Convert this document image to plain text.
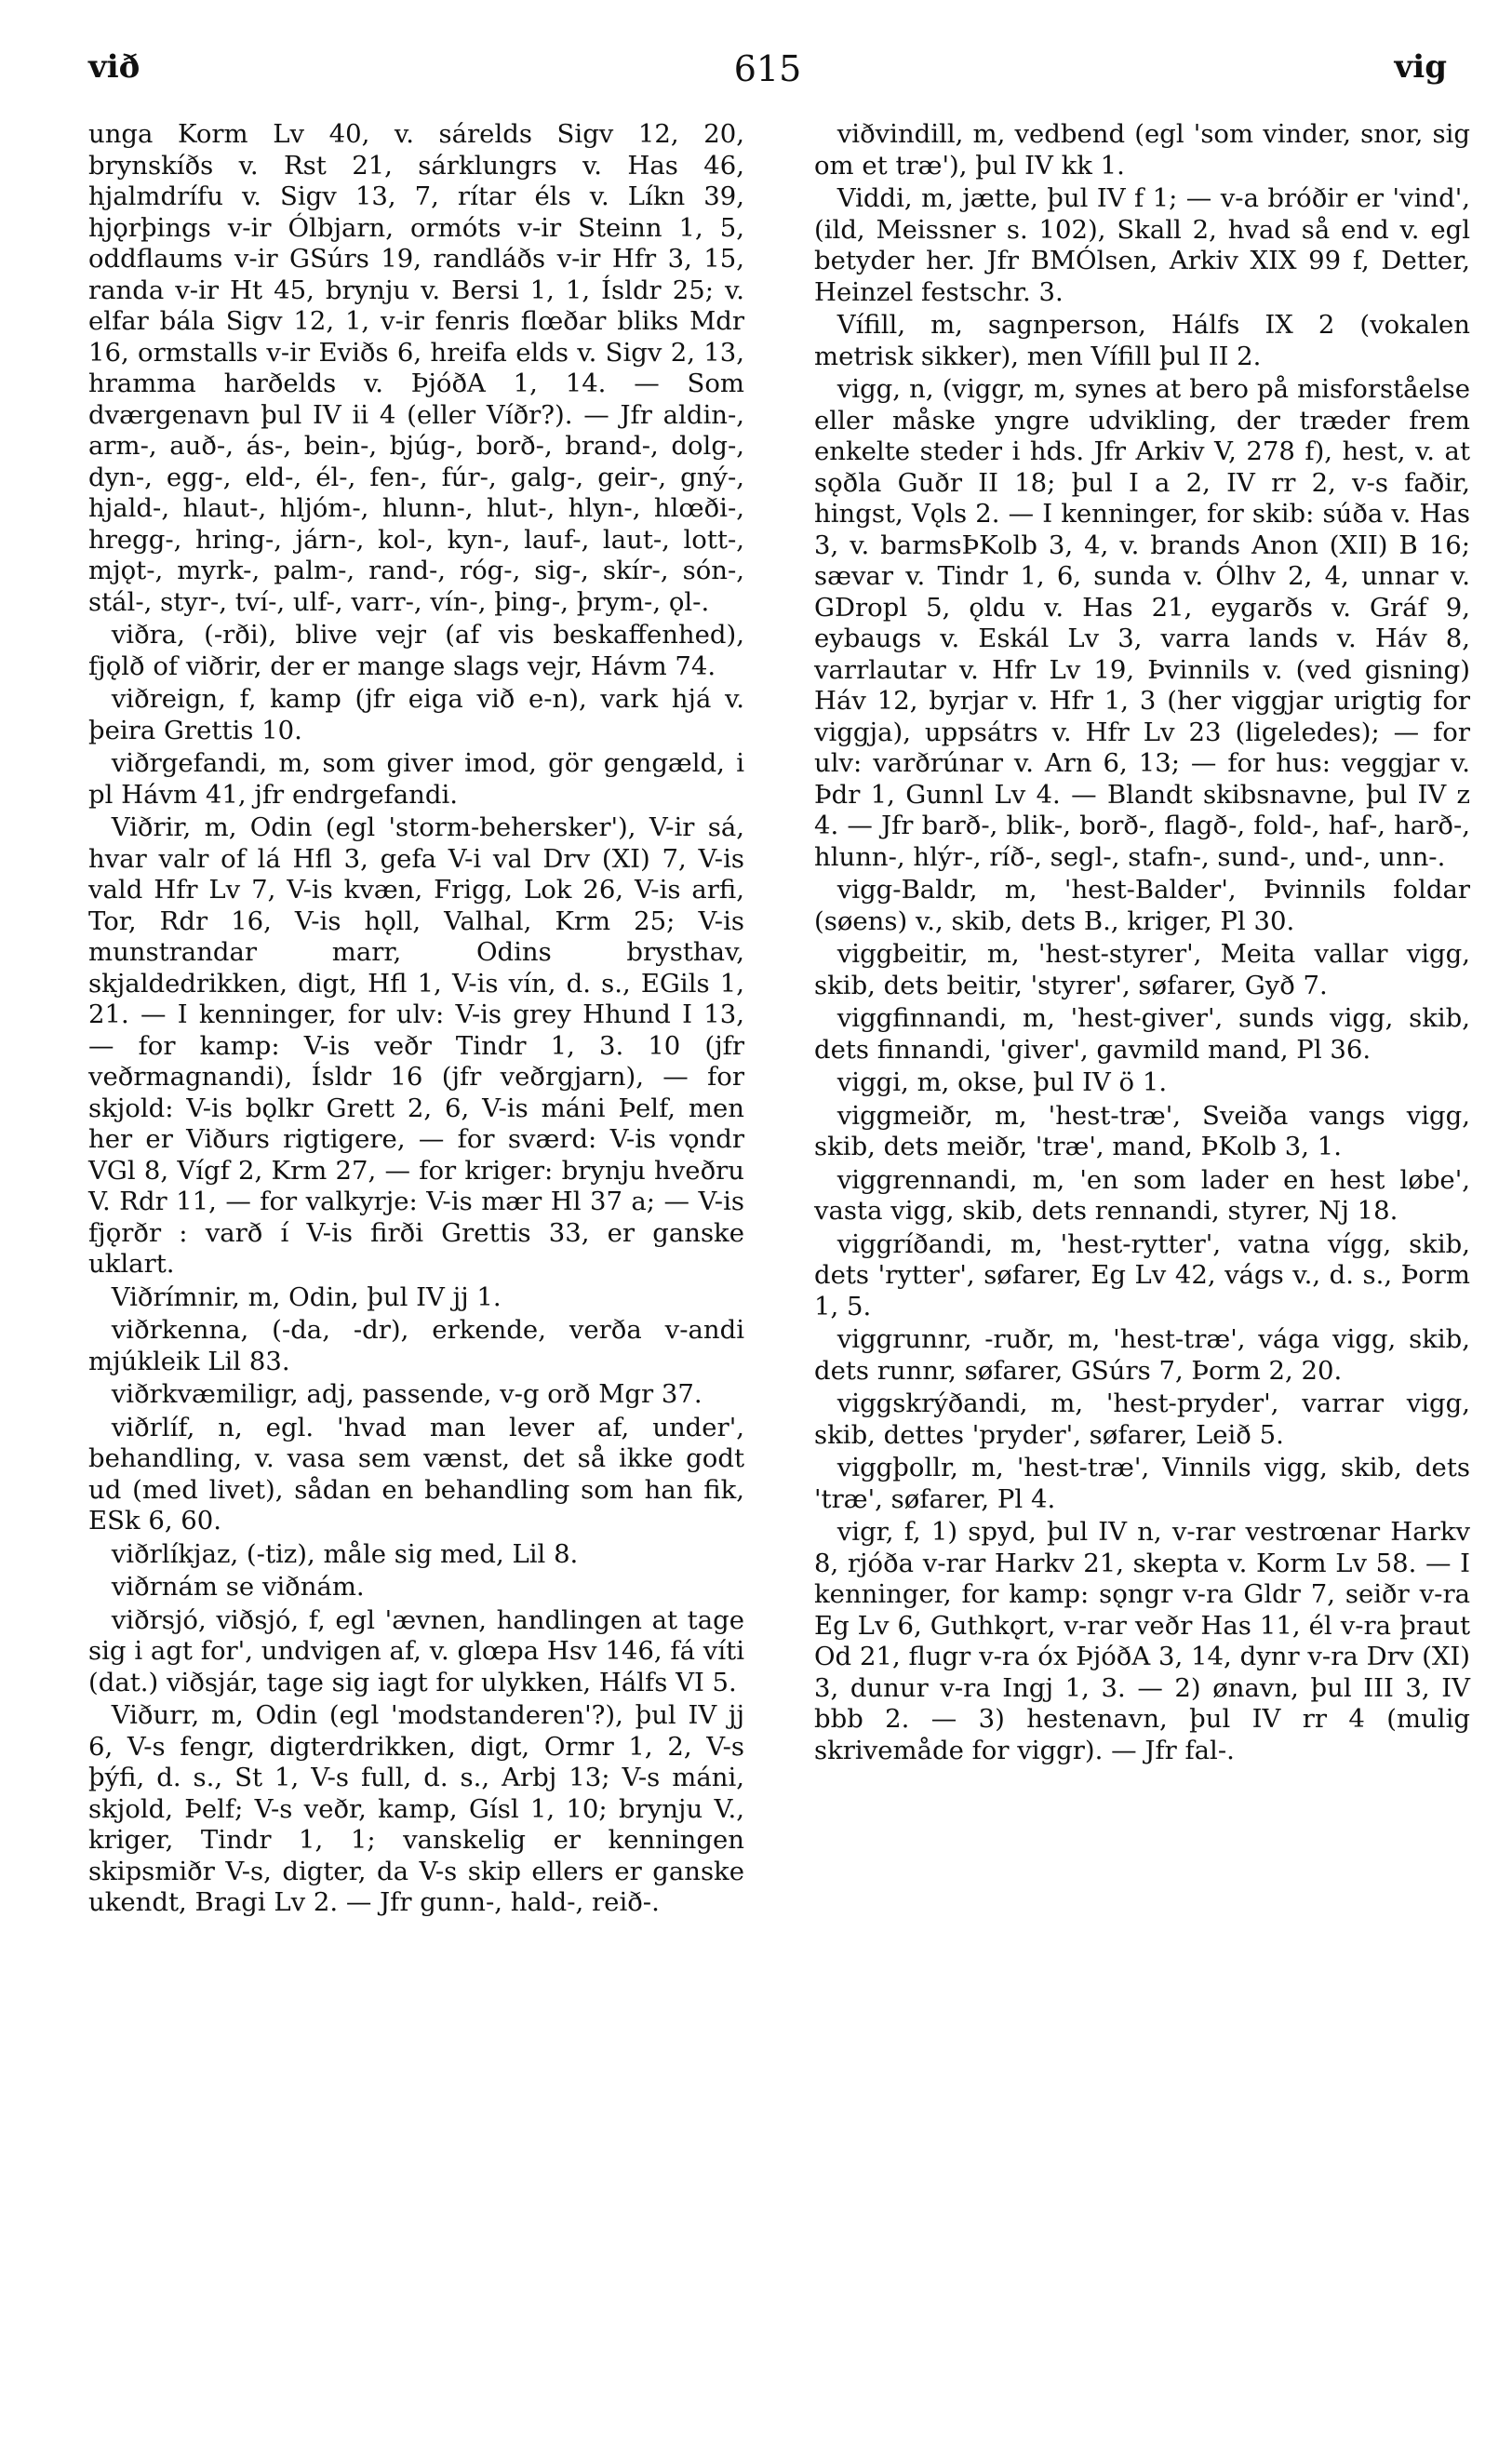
við	615	vig

unga Korm Lv 40, v. sárelds Sigv 12, 20, brynskíðs v. Rst 21, sárklungrs v. Has 46, hjalmdrífu v. Sigv 13, 7, rítar éls v. Líkn 39, hjǫrþings v-ir Ólbjarn, ormóts v-ir Steinn 1, 5, oddflaums v-ir GSúrs 19, randláðs v-ir Hfr 3, 15, randa v-ir Ht 45, brynju v. Bersi 1, 1, Ísldr 25; v. elfar bála Sigv 12, 1, v-ir fenris flœðar bliks Mdr 16, ormstalls v-ir Eviðs 6, hreifa elds v. Sigv 2, 13, hramma harðelds v. ÞjóðA 1, 14. — Som dværgenavn þul IV ii 4 (eller Víðr?). — Jfr aldin-, arm-, auð-, ás-, bein-, bjúg-, borð-, brand-, dolg-, dyn-, egg-, eld-, él-, fen-, fúr-, galg-, geir-, gný-, hjald-, hlaut-, hljóm-, hlunn-, hlut-, hlyn-, hlœði-, hregg-, hring-, járn-, kol-, kyn-, lauf-, laut-, lott-, mjǫt-, myrk-, palm-, rand-, róg-, sig-, skír-, són-, stál-, styr-, tví-, ulf-, varr-, vín-, þing-, þrym-, ǫl-.

viðra, (-rði), blive vejr (af vis beskaffenhed), fjǫlð of viðrir, der er mange slags vejr, Hávm 74.

viðreign, f, kamp (jfr eiga við e-n), vark hjá v. þeira Grettis 10.

viðrgefandi, m, som giver imod, gör gengæld, i pl Hávm 41, jfr endrgefandi.

Viðrir, m, Odin (egl 'storm-behersker'), V-ir sá, hvar valr of lá Hfl 3, gefa V-i val Drv (XI) 7, V-is vald Hfr Lv 7, V-is kvæn, Frigg, Lok 26, V-is arfi, Tor, Rdr 16, V-is hǫll, Valhal, Krm 25; V-is munstrandar marr, Odins brysthav, skjaldedrikken, digt, Hfl 1, V-is vín, d. s., EGils 1, 21. — I kenninger, for ulv: V-is grey Hhund I 13, — for kamp: V-is veðr Tindr 1, 3. 10 (jfr veðrmagnandi), Ísldr 16 (jfr veðrgjarn), — for skjold: V-is bǫlkr Grett 2, 6, V-is máni Þelf, men her er Viðurs rigtigere, — for sværd: V-is vǫndr VGl 8, Vígf 2, Krm 27, — for kriger: brynju hveðru V. Rdr 11, — for valkyrje: V-is mær Hl 37 a; — V-is fjǫrðr : varð í V-is firði Grettis 33, er ganske uklart.

Viðrímnir, m, Odin, þul IV jj 1.

viðrkenna, (-da, -dr), erkende, verða v-andi mjúkleik Lil 83.

viðrkvæmiligr, adj, passende, v-g orð Mgr 37.

viðrlíf, n, egl. 'hvad man lever af, under', behandling, v. vasa sem vænst, det så ikke godt ud (med livet), sådan en behandling som han fik, ESk 6, 60.

viðrlíkjaz, (-tiz), måle sig med, Lil 8.

viðrnám se viðnám.

viðrsjó, viðsjó, f, egl 'ævnen, handlingen at tage sig i agt for', undvigen af, v. glœpa Hsv 146, fá víti (dat.) viðsjár, tage sig iagt for ulykken, Hálfs VI 5.

Viðurr, m, Odin (egl 'modstanderen'?), þul IV jj 6, V-s fengr, digterdrikken, digt, Ormr 1, 2, V-s þýfi, d. s., St 1, V-s full, d. s., Arbj 13; V-s máni, skjold, Þelf; V-s veðr, kamp, Gísl 1, 10; brynju V., kriger, Tindr 1, 1; vanskelig er kenningen skipsmiðr V-s, digter, da V-s skip ellers er ganske ukendt, Bragi Lv 2. — Jfr gunn-, hald-, reið-.

viðvindill, m, vedbend (egl 'som vinder, snor, sig om et træ'), þul IV kk 1.

Viddi, m, jætte, þul IV f 1; — v-a bróðir er 'vind', (ild, Meissner s. 102), Skall 2, hvad så end v. egl betyder her. Jfr BMÓlsen, Arkiv XIX 99 f, Detter, Heinzel festschr. 3.

Vífill, m, sagnperson, Hálfs IX 2 (vokalen metrisk sikker), men Vífill þul II 2.

vigg, n, (viggr, m, synes at bero på misforståelse eller måske yngre udvikling, der træder frem enkelte steder i hds. Jfr Arkiv V, 278 f), hest, v. at sǫðla Guðr II 18; þul I a 2, IV rr 2, v-s faðir, hingst, Vǫls 2. — I kenninger, for skib: súða v. Has 3, v. barmsÞKolb 3, 4, v. brands Anon (XII) B 16; sævar v. Tindr 1, 6, sunda v. Ólhv 2, 4, unnar v. GDropl 5, ǫldu v. Has 21, eygarðs v. Gráf 9, eybaugs v. Eskál Lv 3, varra lands v. Háv 8, varrlautar v. Hfr Lv 19, Þvinnils v. (ved gisning) Háv 12, byrjar v. Hfr 1, 3 (her viggjar urigtig for viggja), uppsátrs v. Hfr Lv 23 (ligeledes); — for ulv: varðrúnar v. Arn 6, 13; — for hus: veggjar v. Þdr 1, Gunnl Lv 4. — Blandt skibsnavne, þul IV z 4. — Jfr barð-, blik-, borð-, flagð-, fold-, haf-, harð-, hlunn-, hlýr-, ríð-, segl-, stafn-, sund-, und-, unn-.

vigg-Baldr, m, 'hest-Balder', Þvinnils foldar (søens) v., skib, dets B., kriger, Pl 30.

viggbeitir, m, 'hest-styrer', Meita vallar vigg, skib, dets beitir, 'styrer', søfarer, Gyð 7.

viggfinnandi, m, 'hest-giver', sunds vigg, skib, dets finnandi, 'giver', gavmild mand, Pl 36.

viggi, m, okse, þul IV ö 1.

viggmeiðr, m, 'hest-træ', Sveiða vangs vigg, skib, dets meiðr, 'træ', mand, ÞKolb 3, 1.

viggrennandi, m, 'en som lader en hest løbe', vasta vigg, skib, dets rennandi, styrer, Nj 18.

viggríðandi, m, 'hest-rytter', vatna vígg, skib, dets 'rytter', søfarer, Eg Lv 42, vágs v., d. s., Þorm 1, 5.

viggrunnr, -ruðr, m, 'hest-træ', vága vigg, skib, dets runnr, søfarer, GSúrs 7, Þorm 2, 20.

viggskrýðandi, m, 'hest-pryder', varrar vigg, skib, dettes 'pryder', søfarer, Leið 5.

viggþollr, m, 'hest-træ', Vinnils vigg, skib, dets 'træ', søfarer, Pl 4.

vigr, f, 1) spyd, þul IV n, v-rar vestrœnar Harkv 8, rjóða v-rar Harkv 21, skepta v. Korm Lv 58. — I kenninger, for kamp: sǫngr v-ra Gldr 7, seiðr v-ra Eg Lv 6, Guthkǫrt, v-rar veðr Has 11, él v-ra þraut Od 21, flugr v-ra óx ÞjóðA 3, 14, dynr v-ra Drv (XI) 3, dunur v-ra Ingj 1, 3. — 2) ønavn, þul III 3, IV bbb 2. — 3) hestenavn, þul IV rr 4 (mulig skrivemåde for viggr). — Jfr fal-.
